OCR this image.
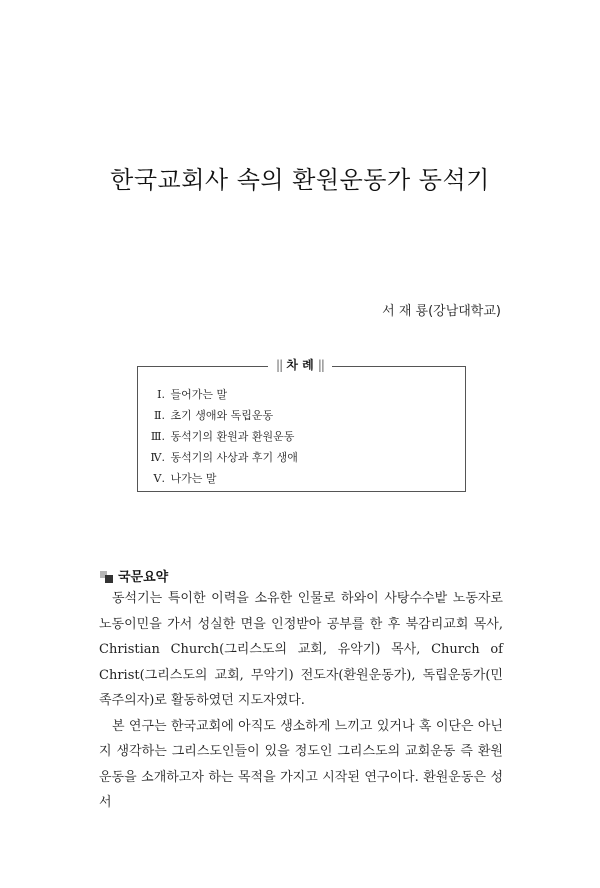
한국교회사 속의 환원운동가 동석기
서 재 룡(강남대학교)
|| 차 례 ||
Ⅰ. 들어가는 말
Ⅱ. 초기 생애와 독립운동
Ⅲ. 동석기의 환원과 환원운동
Ⅳ. 동석기의 사상과 후기 생애
Ⅴ. 나가는 말
국문요약

동석기는 특이한 이력을 소유한 인물로 하와이 사탕수수밭 노동자로 노동이민을 가서 성실한 면을 인정받아 공부를 한 후 북감리교회 목사, Christian Church(그리스도의 교회, 유악기) 목사, Church of Christ(그리스도의 교회, 무악기) 전도자(환원운동가), 독립운동가(민족주의자)로 활동하였던 지도자였다.

본 연구는 한국교회에 아직도 생소하게 느끼고 있거나 혹 이단은 아닌지 생각하는 그리스도인들이 있을 정도인 그리스도의 교회운동 즉 환원운동을 소개하고자 하는 목적을 가지고 시작된 연구이다. 환원운동은 성서
